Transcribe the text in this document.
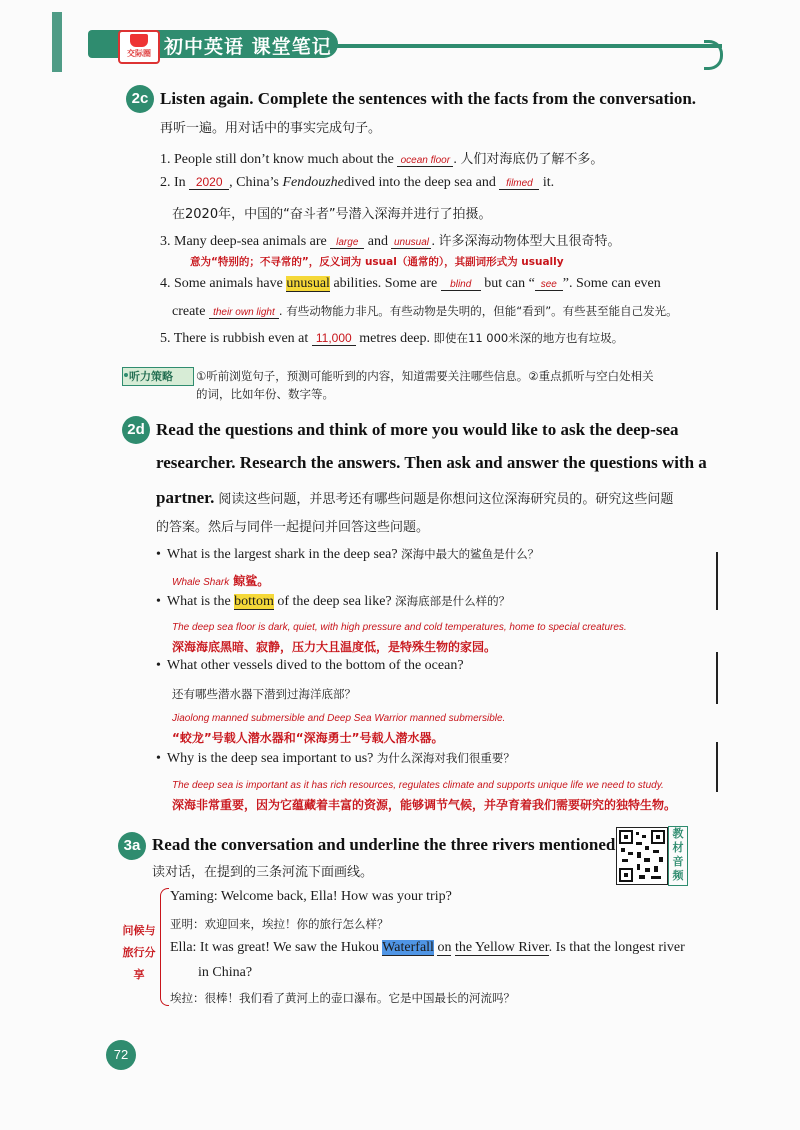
交际圈 初中英语 课堂笔记
2c Listen again. Complete the sentences with the facts from the conversation.
再听一遍。用对话中的事实完成句子。
1. People still don’t know much about the ocean floor . 人们对海底仍了解不多。
2. In 2020 , China’s Fendouzhedived into the deep sea and filmed it.
在2020年，中国的“奋斗者”号潜入深海并进行了拍摄。
3. Many deep-sea animals are large and unusual . 许多深海动物体型大且很奇特。
意为“特别的；不寻常的”，反义词为 usual（通常的），其副词形式为 usually
4. Some animals have unusual abilities. Some are blind but can “ see ”. Some can even
create their own light . 有些动物能力非凡。有些动物是失明的，但能“看到”。有些甚至能自己发光。
5. There is rubbish even at 11,000 metres deep. 即使在11 000米深的地方也有垃圾。
听力策略	①听前浏览句子，预测可能听到的内容，知道需要关注哪些信息。②重点抓听与空白处相关
的词，比如年份、数字等。
2d Read the questions and think of more you would like to ask the deep-sea
researcher. Research the answers. Then ask and answer the questions with a
partner. 阅读这些问题，并思考还有哪些问题是你想问这位深海研究员的。研究这些问题
的答案。然后与同伴一起提问并回答这些问题。
• What is the largest shark in the deep sea? 深海中最大的鲨鱼是什么？
Whale Shark 鲸鲨。
• What is the bottom of the deep sea like? 深海底部是什么样的？
The deep sea floor is dark, quiet, with high pressure and cold temperatures, home to special creatures.
深海海底黑暗、寂静，压力大且温度低，是特殊生物的家园。
• What other vessels dived to the bottom of the ocean?
还有哪些潜水器下潜到过海洋底部？
Jiaolong manned submersible and Deep Sea Warrior manned submersible.
“蛟龙”号载人潜水器和“深海勇士”号载人潜水器。
• Why is the deep sea important to us? 为什么深海对我们很重要？
The deep sea is important as it has rich resources, regulates climate and supports unique life we need to study.
深海非常重要，因为它蕴藏着丰富的资源，能够调节气候，并孕育着我们需要研究的独特生物。
3a Read the conversation and underline the three rivers mentioned.
读对话，在提到的三条河流下面画线。
教材音频
问候与旅行分享
Yaming: Welcome back, Ella! How was your trip?
亚明：欢迎回来，埃拉！你的旅行怎么样？
Ella: It was great! We saw the Hukou Waterfall on the Yellow River. Is that the longest river
in China?
埃拉：很棒！我们看了黄河上的壶口瀑布。它是中国最长的河流吗？
72
